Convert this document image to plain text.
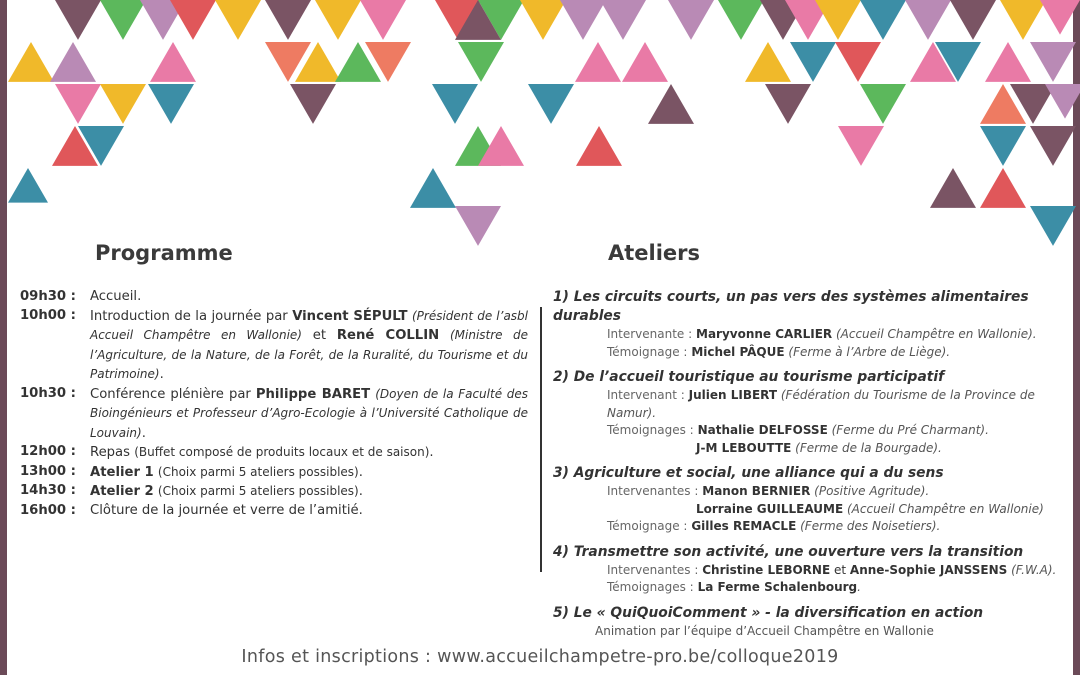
Programme	Ateliers
09h30 :	Accueil.
10h00 :	Introduction de la journée par Vincent SÉPULT (Président de l’asbl Accueil Champêtre en Wallonie) et René COLLIN (Ministre de l’Agriculture, de la Nature, de la Forêt, de la Ruralité, du Tourisme et du Patrimoine).
10h30 :	Conférence plénière par Philippe BARET (Doyen de la Faculté des Bioingénieurs et Professeur d’Agro-Ecologie à l’Université Catholique de Louvain).
12h00 :	Repas (Buffet composé de produits locaux et de saison).
13h00 :	Atelier 1 (Choix parmi 5 ateliers possibles).
14h30 :	Atelier 2 (Choix parmi 5 ateliers possibles).
16h00 :	Clôture de la journée et verre de l’amitié.
1) Les circuits courts, un pas vers des systèmes alimentaires durables
Intervenante : Maryvonne CARLIER (Accueil Champêtre en Wallonie).
Témoignage : Michel PÂQUE (Ferme à l’Arbre de Liège).
2) De l’accueil touristique au tourisme participatif
Intervenant : Julien LIBERT (Fédération du Tourisme de la Province de Namur).
Témoignages : Nathalie DELFOSSE (Ferme du Pré Charmant).
J-M LEBOUTTE (Ferme de la Bourgade).
3) Agriculture et social, une alliance qui a du sens
Intervenantes : Manon BERNIER (Positive Agritude).
Lorraine GUILLEAUME (Accueil Champêtre en Wallonie)
Témoignage : Gilles REMACLE (Ferme des Noisetiers).
4) Transmettre son activité, une ouverture vers la transition
Intervenantes : Christine LEBORNE et Anne-Sophie JANSSENS (F.W.A).
Témoignages : La Ferme Schalenbourg.
5) Le « QuiQuoiComment » - la diversification en action
Animation par l’équipe d’Accueil Champêtre en Wallonie
Infos et inscriptions : www.accueilchampetre-pro.be/colloque2019
